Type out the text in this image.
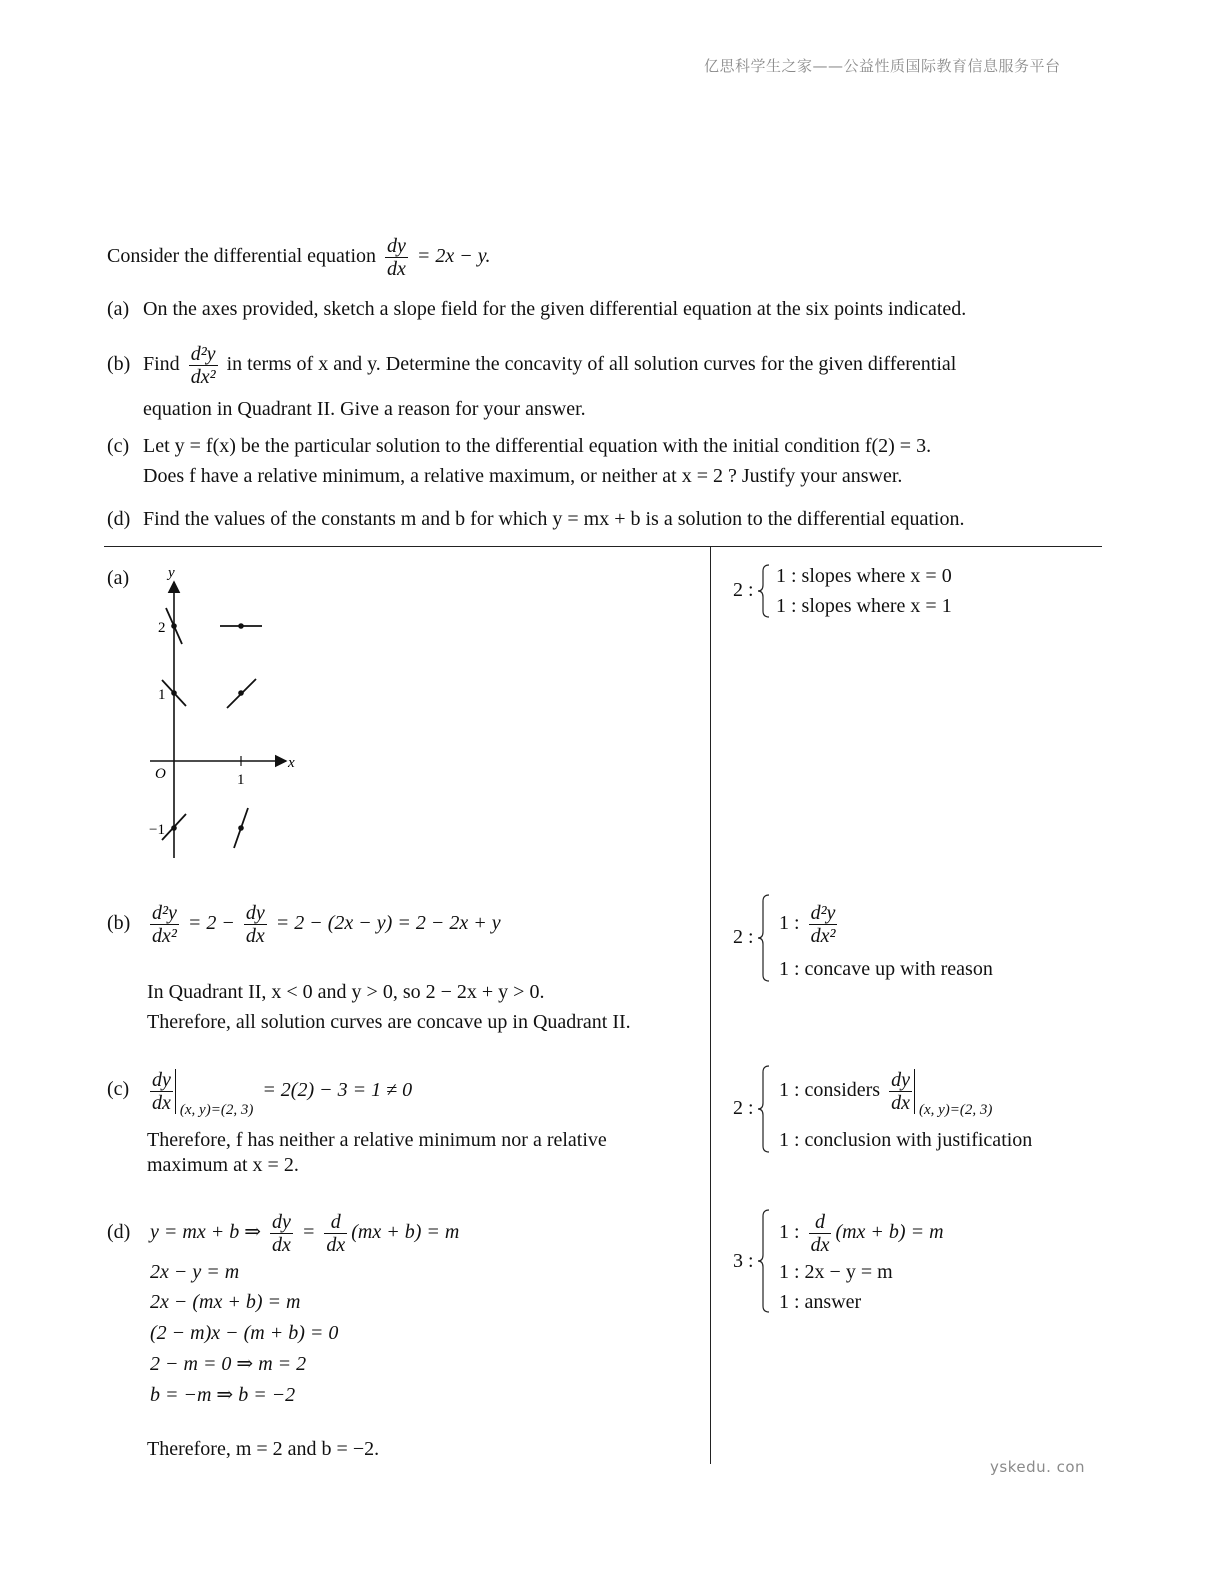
亿思科学生之家——公益性质国际教育信息服务平台
Consider the differential equation $\frac{dy}{dx} = 2x - y$.
(a) On the axes provided, sketch a slope field for the given differential equation at the six points indicated.
(b) Find $\frac{\text{d²y}}{\text{dx²}}$ in terms of x and y. Determine the concavity of all solution curves for the given differential
equation in Quadrant II. Give a reason for your answer.
(c) Let y = f(x) be the particular solution to the differential equation with the initial condition f(2) = 3.
Does f have a relative minimum, a relative maximum, or neither at x = 2 ? Justify your answer.
(d) Find the values of the constants m and b for which y = mx + b is a solution to the differential equation.
(a)	y
x
O	1
2
1
−1
$(b) \frac{\text{d²y}}{\text{dx²}} = 2 - \frac{dy}{dx} = 2 - (2x - y) = 2 - 2x + y$
In Quadrant II, x < 0 and y > 0, so 2 − 2x + y > 0.
Therefore, all solution curves are concave up in Quadrant II.
$(c) \frac{dy}{dx} _{(x, y)=(2, 3)} = 2(2) - 3 = 1 \ne 0$
Therefore, f has neither a relative minimum nor a relative
maximum at x = 2.
(d) y = mx + b ⇒ $\frac{dy}{dx} = \frac{d}{dx} (mx + b) = m$
2x − y = m
2x − (mx + b) = m
(2 − m)x − (m + b) = 0
2 − m = 0 ⇒ m = 2
b = −m ⇒ b = −2
Therefore, m = 2 and b = −2.
2 :
1 : slopes where x = 0
1 : slopes where x = 1
2 :
1 : $\frac{\text{d²y}}{\text{dx²}}$
1 : concave up with reason
2 :
1 : considers $\frac{dy}{dx} _{(x, y)=(2, 3)}$
1 : conclusion with justification
3 :
1 : $\frac{d}{dx} (mx + b) = m$
1 : 2x − y = m
1 : answer
yskedu. con
